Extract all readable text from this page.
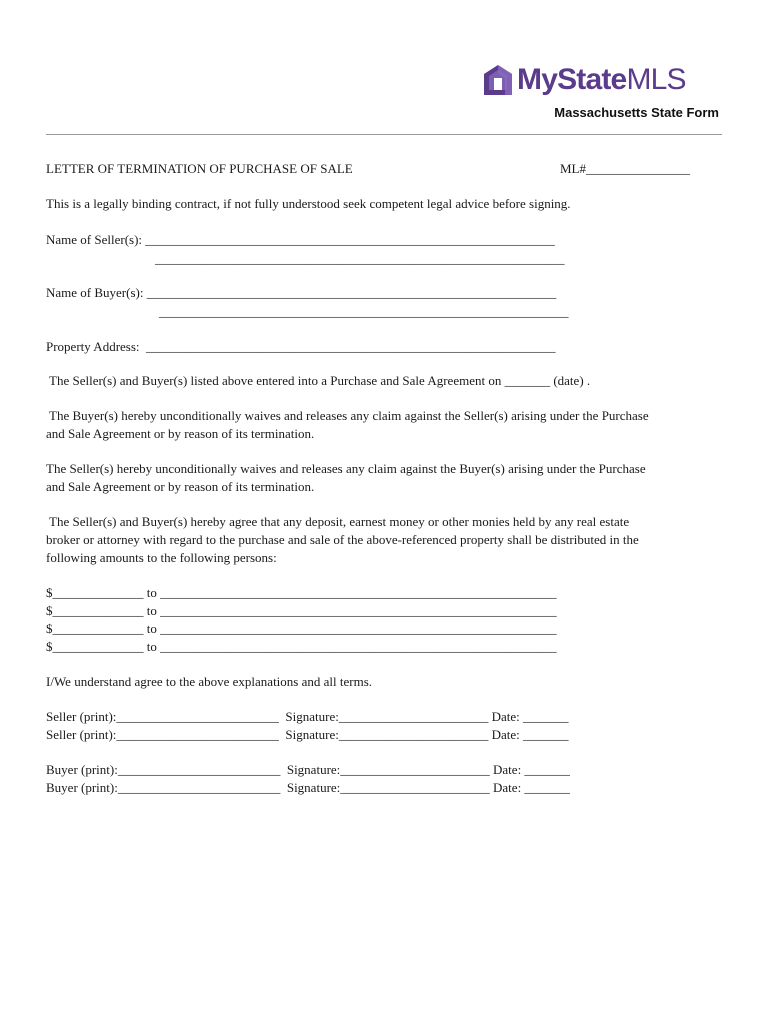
MyStateMLS
Massachusetts State Form
LETTER OF TERMINATION OF PURCHASE OF SALE	ML#________________
This is a legally binding contract, if not fully understood seek competent legal advice before signing.
Name of Seller(s): _______________________________________________________________
_______________________________________________________________
Name of Buyer(s): _______________________________________________________________
_______________________________________________________________
Property Address:  _______________________________________________________________
The Seller(s) and Buyer(s) listed above entered into a Purchase and Sale Agreement on _______ (date) .
The Buyer(s) hereby unconditionally waives and releases any claim against the Seller(s) arising under the Purchase
and Sale Agreement or by reason of its termination.
The Seller(s) hereby unconditionally waives and releases any claim against the Buyer(s) arising under the Purchase
and Sale Agreement or by reason of its termination.
The Seller(s) and Buyer(s) hereby agree that any deposit, earnest money or other monies held by any real estate
broker or attorney with regard to the purchase and sale of the above-referenced property shall be distributed in the
following amounts to the following persons:
$______________ to _____________________________________________________________
$______________ to _____________________________________________________________
$______________ to _____________________________________________________________
$______________ to _____________________________________________________________
I/We understand agree to the above explanations and all terms.
Seller (print):_________________________  Signature:_______________________ Date: _______
Seller (print):_________________________  Signature:_______________________ Date: _______
Buyer (print):_________________________  Signature:_______________________ Date: _______
Buyer (print):_________________________  Signature:_______________________ Date: _______
